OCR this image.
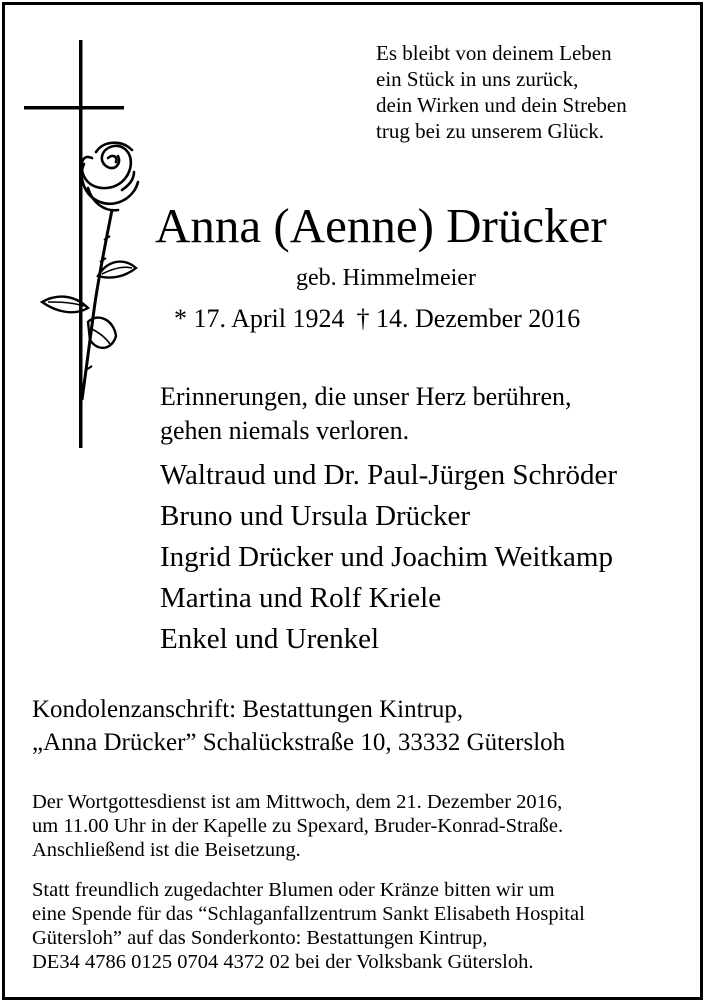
Es bleibt von deinem Leben
ein Stück in uns zurück,
dein Wirken und dein Streben
trug bei zu unserem Glück.
Anna (Aenne) Drücker
geb. Himmelmeier
* 17. April 1924 † 14. Dezember 2016
Erinnerungen, die unser Herz berühren,
gehen niemals verloren.
Waltraud und Dr. Paul-Jürgen Schröder
Bruno und Ursula Drücker
Ingrid Drücker und Joachim Weitkamp
Martina und Rolf Kriele
Enkel und Urenkel
Kondolenzanschrift: Bestattungen Kintrup,
„Anna Drücker” Schalückstraße 10, 33332 Gütersloh
Der Wortgottesdienst ist am Mittwoch, dem 21. Dezember 2016,
um 11.00 Uhr in der Kapelle zu Spexard, Bruder-Konrad-Straße.
Anschließend ist die Beisetzung.
Statt freundlich zugedachter Blumen oder Kränze bitten wir um
eine Spende für das “Schlaganfallzentrum Sankt Elisabeth Hospital
Gütersloh” auf das Sonderkonto: Bestattungen Kintrup,
DE34 4786 0125 0704 4372 02 bei der Volksbank Gütersloh.
